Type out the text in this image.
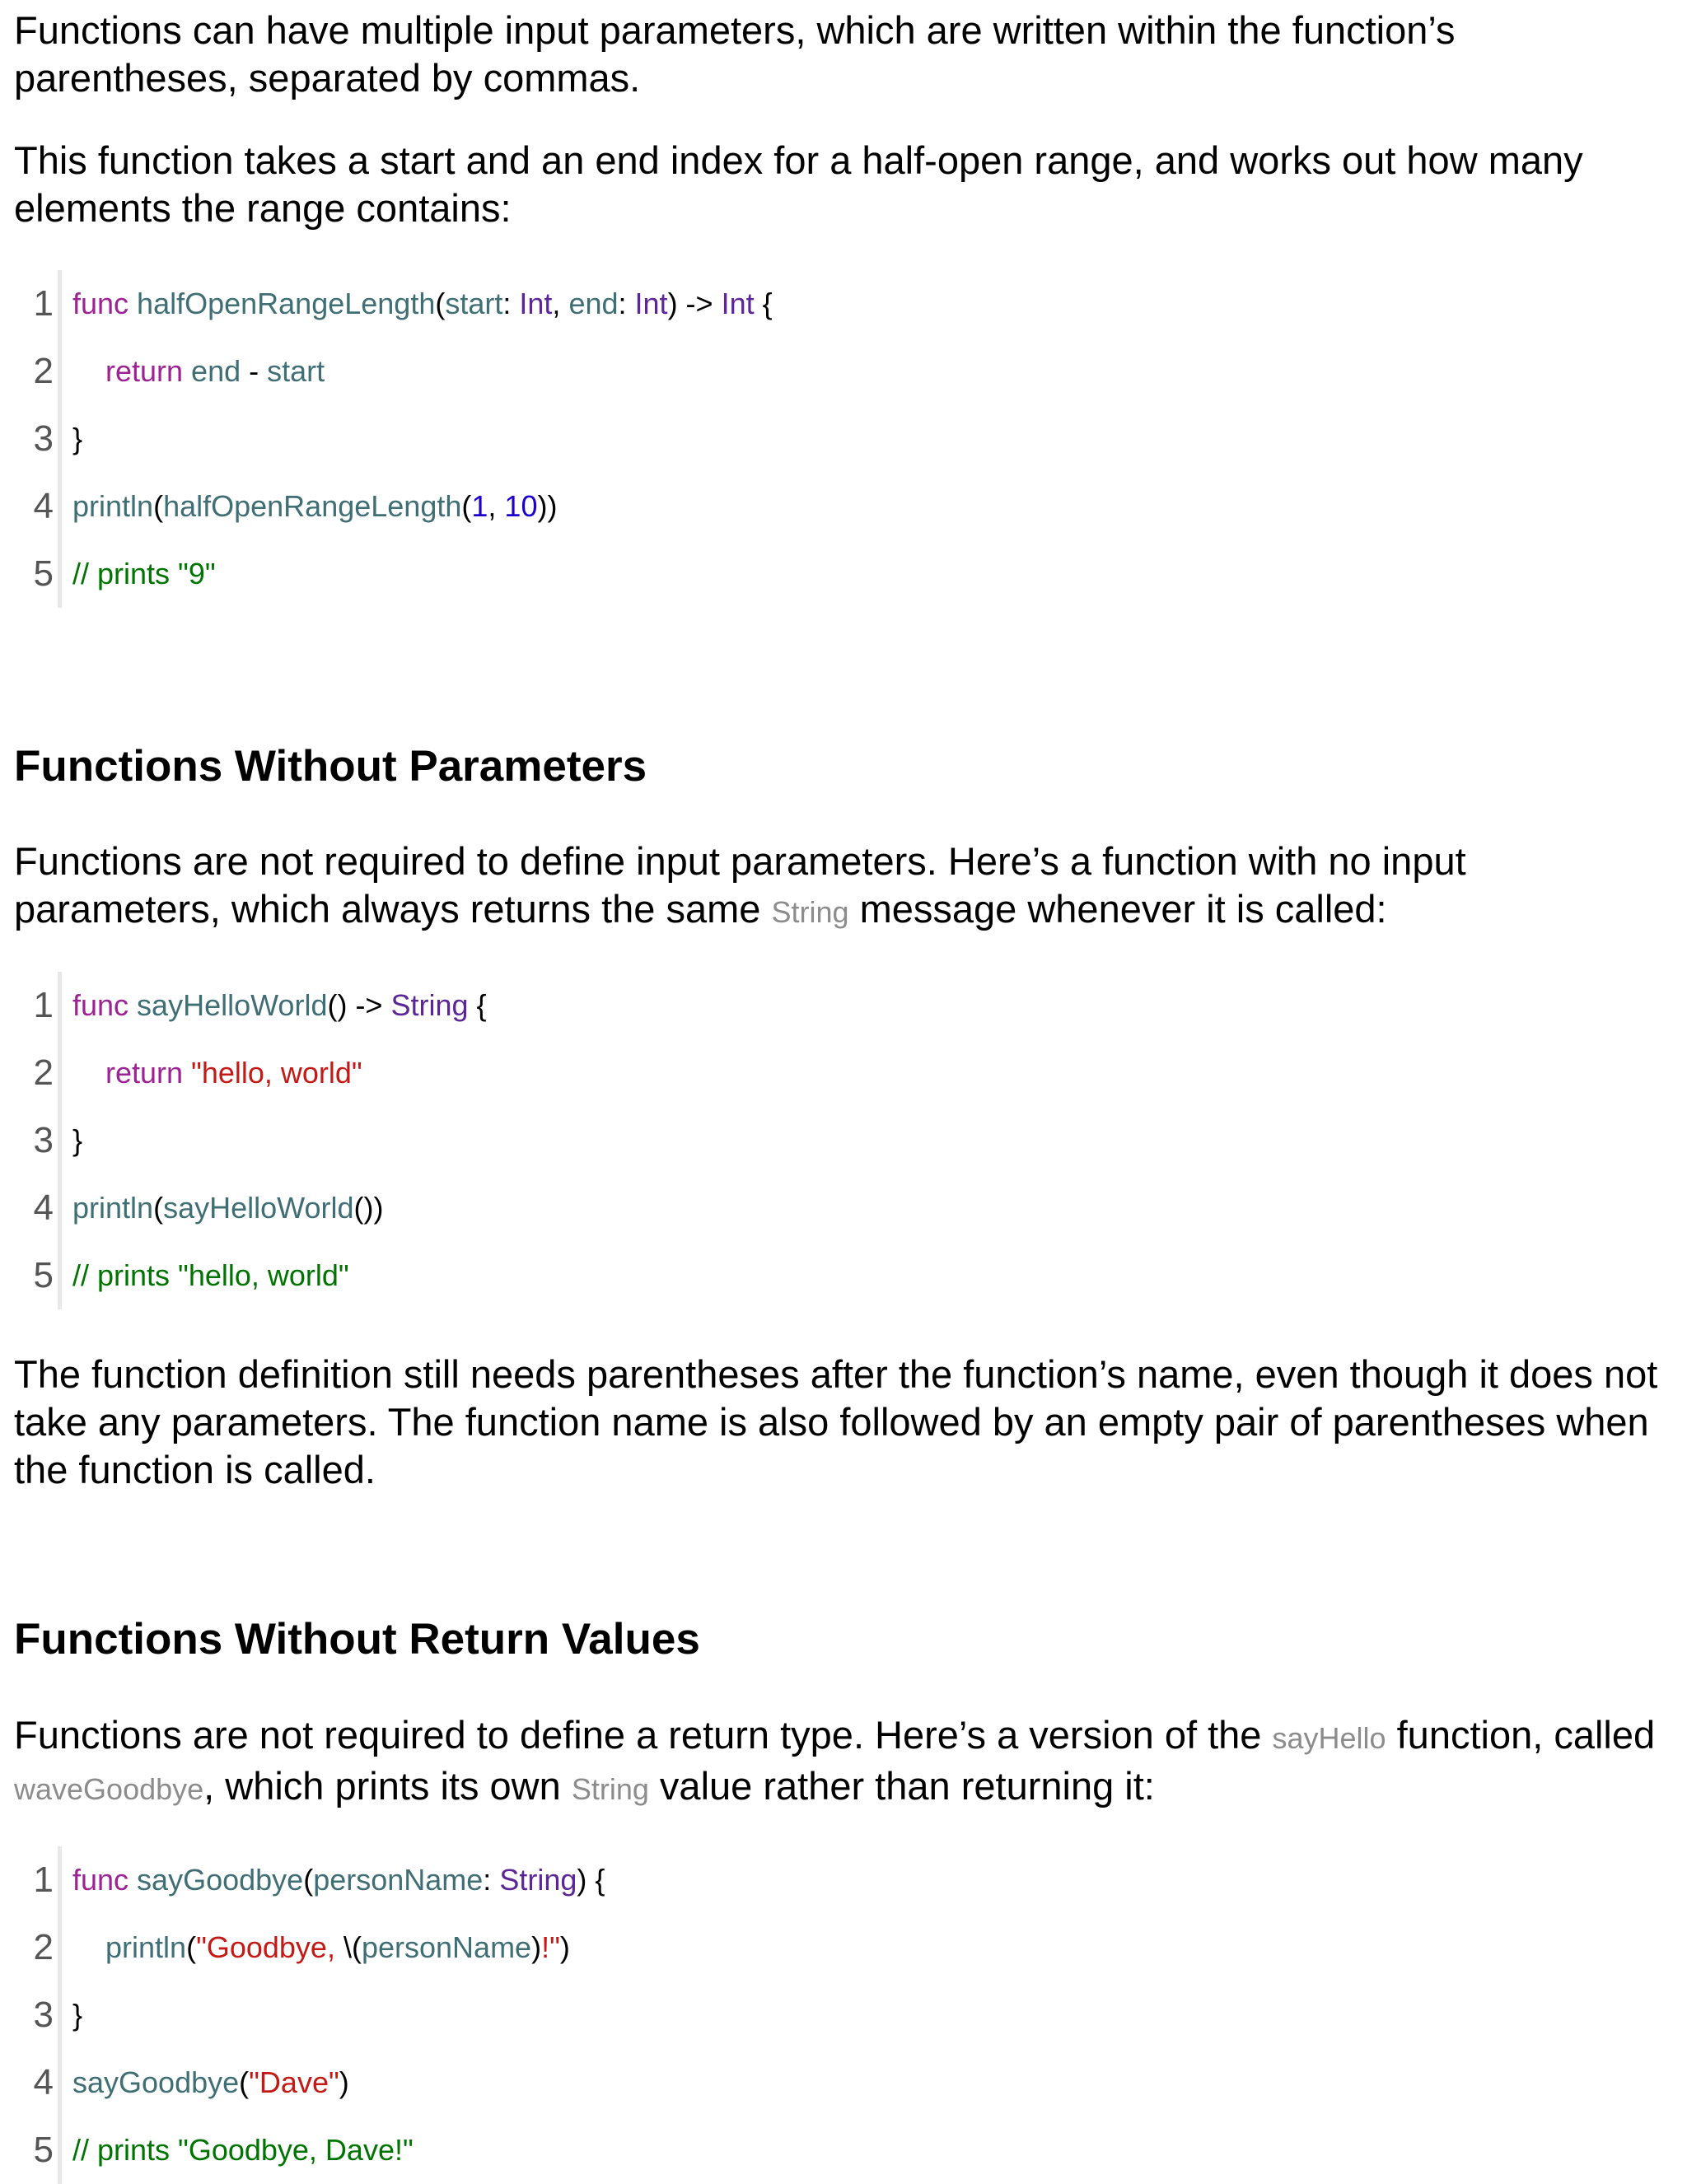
Functions can have multiple input parameters, which are written within the function’s parentheses, separated by commas.

This function takes a start and an end index for a half-open range, and works out how many elements the range contains:

1 func halfOpenRangeLength(start: Int, end: Int) -> Int {
2	return end - start
3 }
4 println(halfOpenRangeLength(1, 10))
5 // prints "9"
Functions Without Parameters

Functions are not required to define input parameters. Here’s a function with no input parameters, which always returns the same String message whenever it is called:

1 func sayHelloWorld() -> String {
2	return "hello, world"
3 }
4 println(sayHelloWorld())
5 // prints "hello, world"

The function definition still needs parentheses after the function’s name, even though it does not take any parameters. The function name is also followed by an empty pair of parentheses when the function is called.

Functions Without Return Values

Functions are not required to define a return type. Here’s a version of the sayHello function, called waveGoodbye, which prints its own String value rather than returning it:

1 func sayGoodbye(personName: String) {
2	println("Goodbye, \(personName)!")
3 }
4 sayGoodbye("Dave")
5 // prints "Goodbye, Dave!"
